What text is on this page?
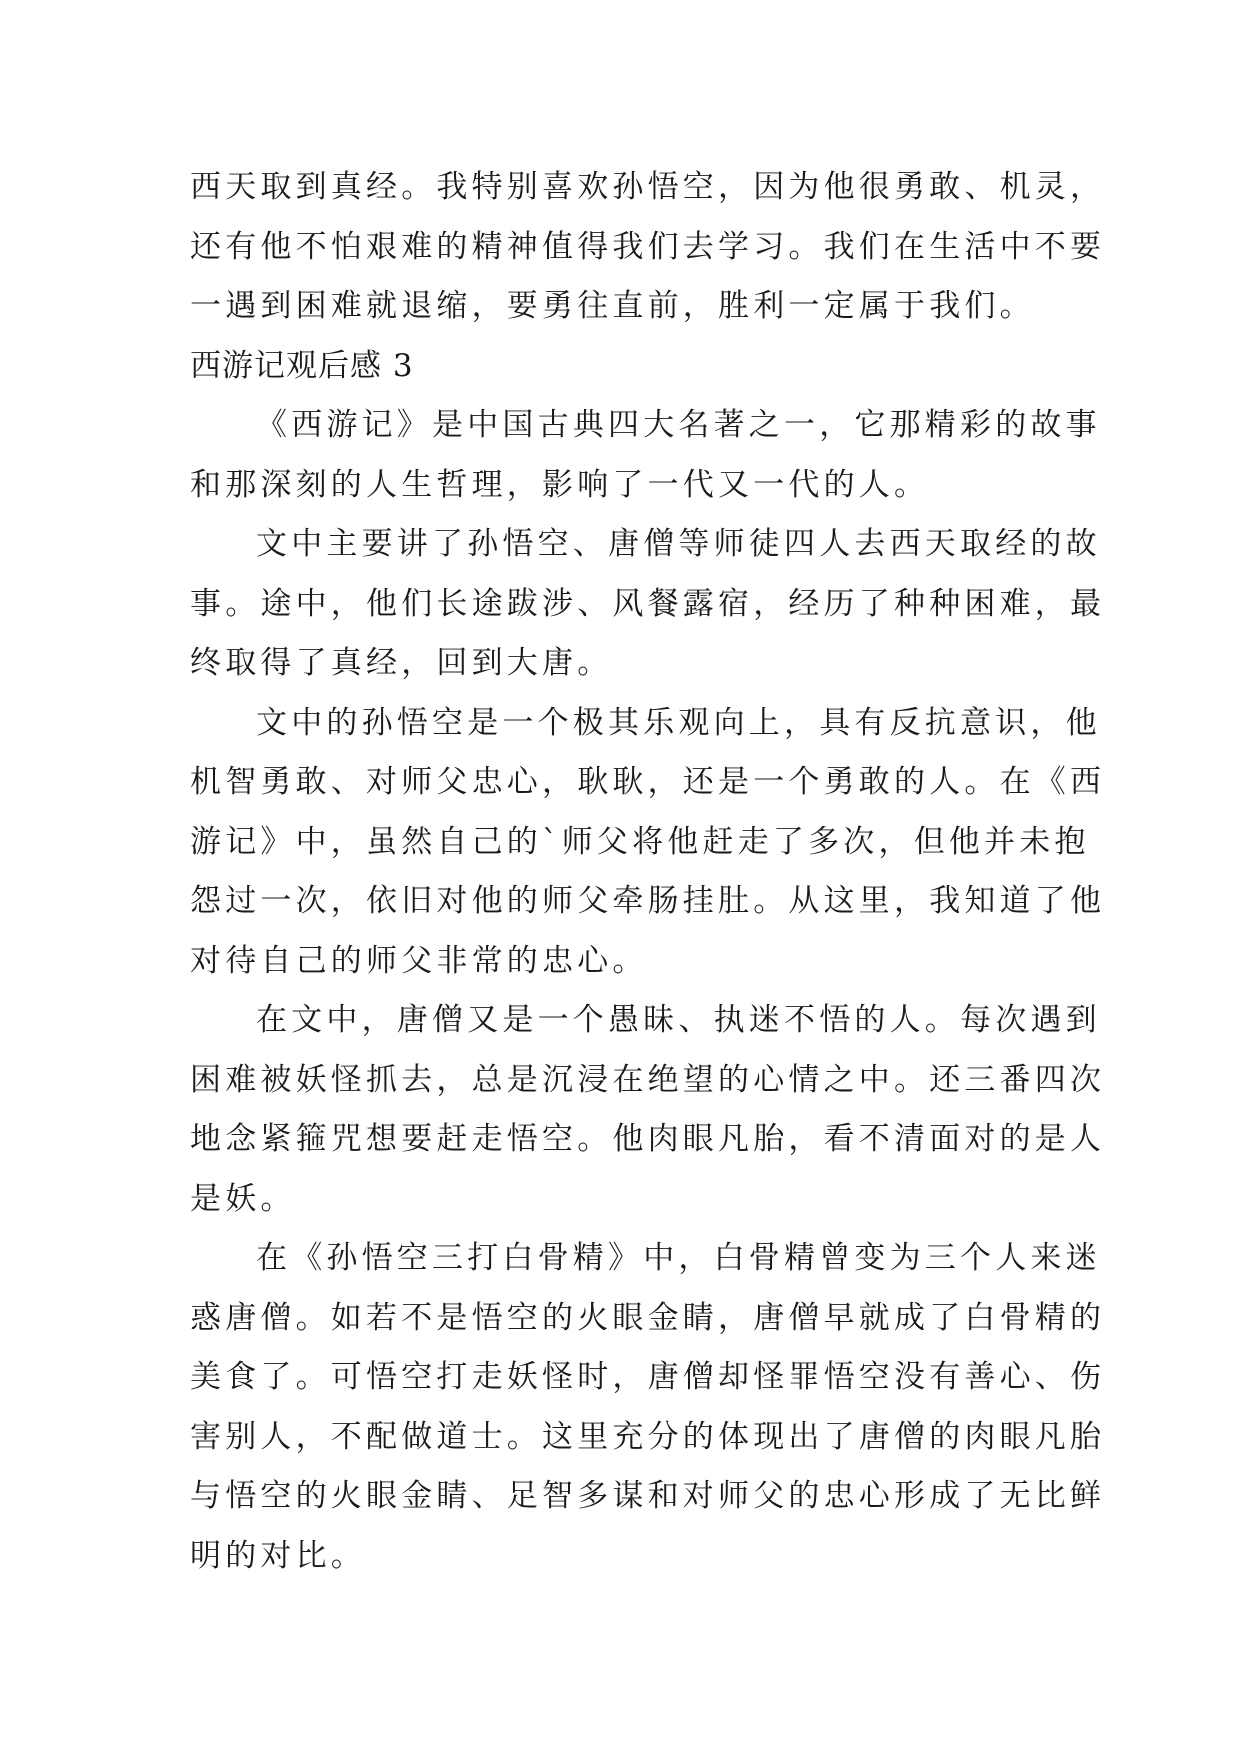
西天取到真经。我特别喜欢孙悟空，因为他很勇敢、机灵，
还有他不怕艰难的精神值得我们去学习。我们在生活中不要
一遇到困难就退缩，要勇往直前，胜利一定属于我们。
西游记观后感 3
《西游记》是中国古典四大名著之一，它那精彩的故事
和那深刻的人生哲理，影响了一代又一代的人。
文中主要讲了孙悟空、唐僧等师徒四人去西天取经的故
事。途中，他们长途跋涉、风餐露宿，经历了种种困难，最
终取得了真经，回到大唐。
文中的孙悟空是一个极其乐观向上，具有反抗意识，他
机智勇敢、对师父忠心，耿耿，还是一个勇敢的人。在《西
游记》中，虽然自己的`师父将他赶走了多次，但他并未抱
怨过一次，依旧对他的师父牵肠挂肚。从这里，我知道了他
对待自己的师父非常的忠心。
在文中，唐僧又是一个愚昧、执迷不悟的人。每次遇到
困难被妖怪抓去，总是沉浸在绝望的心情之中。还三番四次
地念紧箍咒想要赶走悟空。他肉眼凡胎，看不清面对的是人
是妖。
在《孙悟空三打白骨精》中，白骨精曾变为三个人来迷
惑唐僧。如若不是悟空的火眼金睛，唐僧早就成了白骨精的
美食了。可悟空打走妖怪时，唐僧却怪罪悟空没有善心、伤
害别人，不配做道士。这里充分的体现出了唐僧的肉眼凡胎
与悟空的火眼金睛、足智多谋和对师父的忠心形成了无比鲜
明的对比。
